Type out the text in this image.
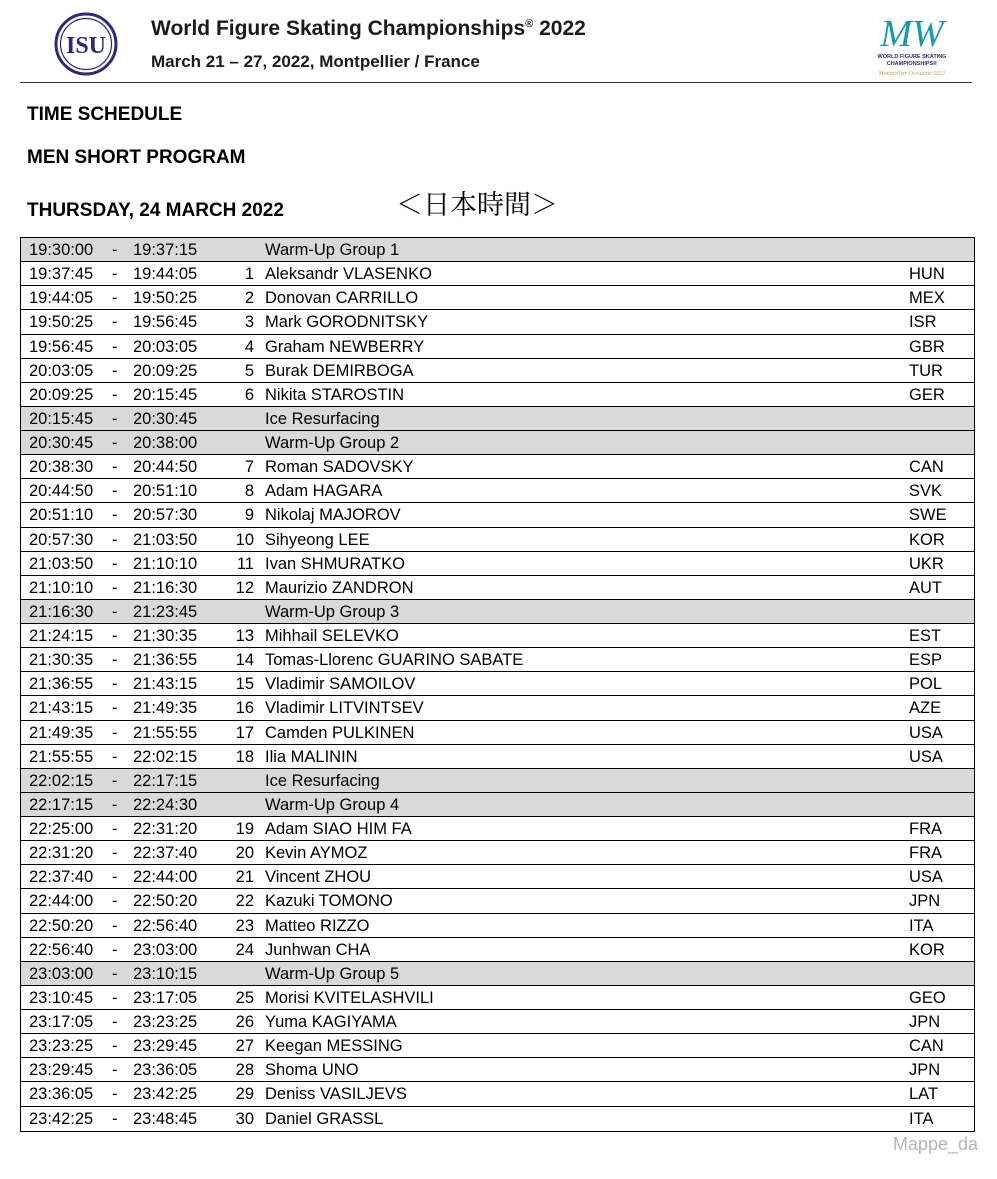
ISU
World Figure Skating Championships® 2022
March 21 – 27, 2022, Montpellier / France
MW
WORLD FIGURE SKATING
CHAMPIONSHIPS®
Montpellier Occitanie 2022
TIME SCHEDULE
MEN SHORT PROGRAM
THURSDAY, 24 MARCH 2022	＜日本時間＞
19:30:00 - 19:37:15	Warm-Up Group 1
19:37:45 - 19:44:05	1 Aleksandr VLASENKO	HUN
19:44:05 - 19:50:25	2 Donovan CARRILLO	MEX
19:50:25 - 19:56:45	3 Mark GORODNITSKY	ISR
19:56:45 - 20:03:05	4 Graham NEWBERRY	GBR
20:03:05 - 20:09:25	5 Burak DEMIRBOGA	TUR
20:09:25 - 20:15:45	6 Nikita STAROSTIN	GER
20:15:45 - 20:30:45	Ice Resurfacing
20:30:45 - 20:38:00	Warm-Up Group 2
20:38:30 - 20:44:50	7 Roman SADOVSKY	CAN
20:44:50 - 20:51:10	8 Adam HAGARA	SVK
20:51:10 - 20:57:30	9 Nikolaj MAJOROV	SWE
20:57:30 - 21:03:50	10 Sihyeong LEE	KOR
21:03:50 - 21:10:10	11 Ivan SHMURATKO	UKR
21:10:10 - 21:16:30	12 Maurizio ZANDRON	AUT
21:16:30 - 21:23:45	Warm-Up Group 3
21:24:15 - 21:30:35	13 Mihhail SELEVKO	EST
21:30:35 - 21:36:55	14 Tomas-Llorenc GUARINO SABATE	ESP
21:36:55 - 21:43:15	15 Vladimir SAMOILOV	POL
21:43:15 - 21:49:35	16 Vladimir LITVINTSEV	AZE
21:49:35 - 21:55:55	17 Camden PULKINEN	USA
21:55:55 - 22:02:15	18 Ilia MALININ	USA
22:02:15 - 22:17:15	Ice Resurfacing
22:17:15 - 22:24:30	Warm-Up Group 4
22:25:00 - 22:31:20	19 Adam SIAO HIM FA	FRA
22:31:20 - 22:37:40	20 Kevin AYMOZ	FRA
22:37:40 - 22:44:00	21 Vincent ZHOU	USA
22:44:00 - 22:50:20	22 Kazuki TOMONO	JPN
22:50:20 - 22:56:40	23 Matteo RIZZO	ITA
22:56:40 - 23:03:00	24 Junhwan CHA	KOR
23:03:00 - 23:10:15	Warm-Up Group 5
23:10:45 - 23:17:05	25 Morisi KVITELASHVILI	GEO
23:17:05 - 23:23:25	26 Yuma KAGIYAMA	JPN
23:23:25 - 23:29:45	27 Keegan MESSING	CAN
23:29:45 - 23:36:05	28 Shoma UNO	JPN
23:36:05 - 23:42:25	29 Deniss VASILJEVS	LAT
23:42:25 - 23:48:45	30 Daniel GRASSL	ITA
Mappe_da
